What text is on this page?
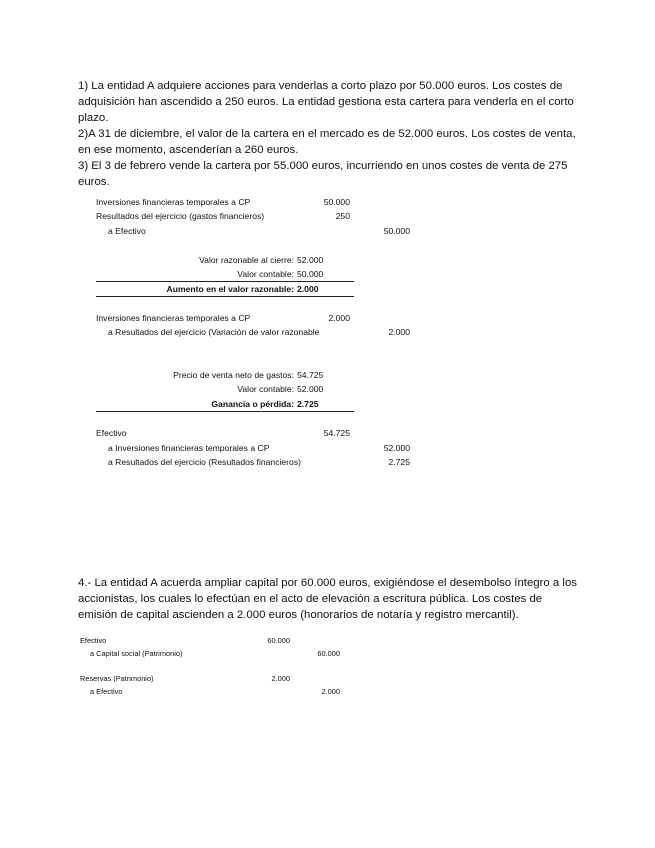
1) La entidad A adquiere acciones para venderlas a corto plazo por 50.000 euros. Los costes de adquisición han ascendido a 250 euros. La entidad gestiona esta cartera para venderla en el corto plazo.

2)A 31 de diciembre, el valor de la cartera en el mercado es de 52.000 euros. Los costes de venta, en ese momento, ascenderían a 260 euros.

3) El 3 de febrero vende la cartera por 55.000 euros, incurriendo en unos costes de venta de 275 euros.

Inversiones financieras temporales a CP	50.000
Resultados del ejercicio (gastos financieros)	250
a Efectivo	50.000
Valor razonable al cierre: 52.000
Valor contable: 50.000
Aumento en el valor razonable: 2.000
Inversiones financieras temporales a CP	2.000
a Resultados del ejercicio (Variación de valor razonable	2.000
Precio de venta neto de gastos: 54.725
Valor contable: 52.000
Ganancia o pérdida: 2.725
Efectivo	54.725
a Inversiones financieras temporales a CP	52.000
a Resultados del ejercicio (Resultados financieros)	2.725

4.- La entidad A acuerda ampliar capital por 60.000 euros, exigiéndose el desembolso íntegro a los accionistas, los cuales lo efectúan en el acto de elevación a escritura pública. Los costes de emisión de capital ascienden a 2.000 euros (honorarios de notaría y registro mercantil).

Efectivo	60.000
a Capital social (Patrimonio)	60.000
Reservas (Patrimonio)	2.000
a Efectivo	2.000
